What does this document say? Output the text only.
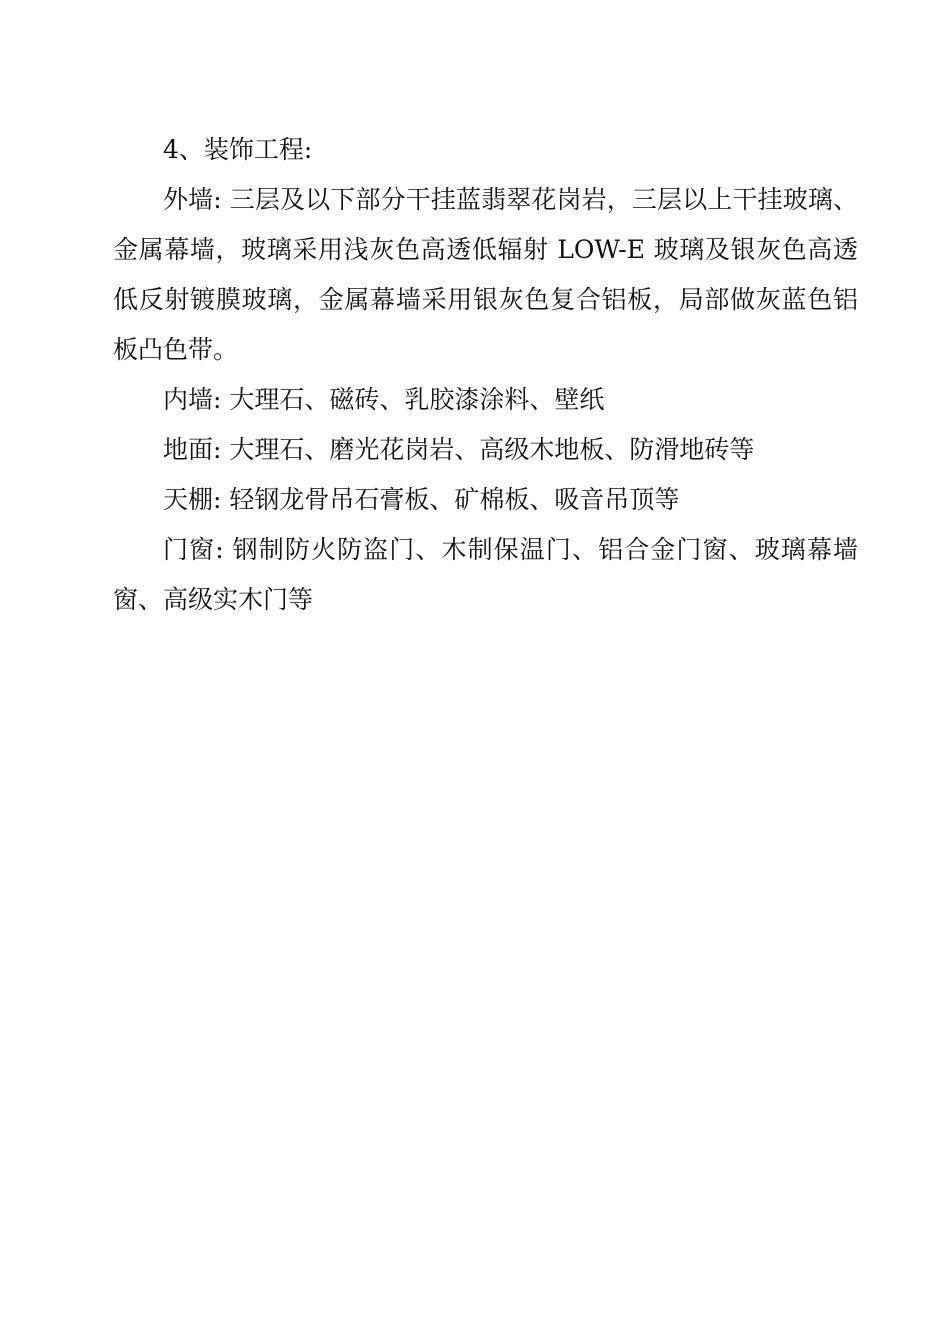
4、装饰工程:

外墙: 三层及以下部分干挂蓝翡翠花岗岩，三层以上干挂玻璃、金属幕墙，玻璃采用浅灰色高透低辐射 LOW-E 玻璃及银灰色高透低反射镀膜玻璃，金属幕墙采用银灰色复合铝板，局部做灰蓝色铝板凸色带。

内墙: 大理石、磁砖、乳胶漆涂料、壁纸

地面: 大理石、磨光花岗岩、高级木地板、防滑地砖等

天棚: 轻钢龙骨吊石膏板、矿棉板、吸音吊顶等

门窗: 钢制防火防盗门、木制保温门、铝合金门窗、玻璃幕墙窗、高级实木门等
